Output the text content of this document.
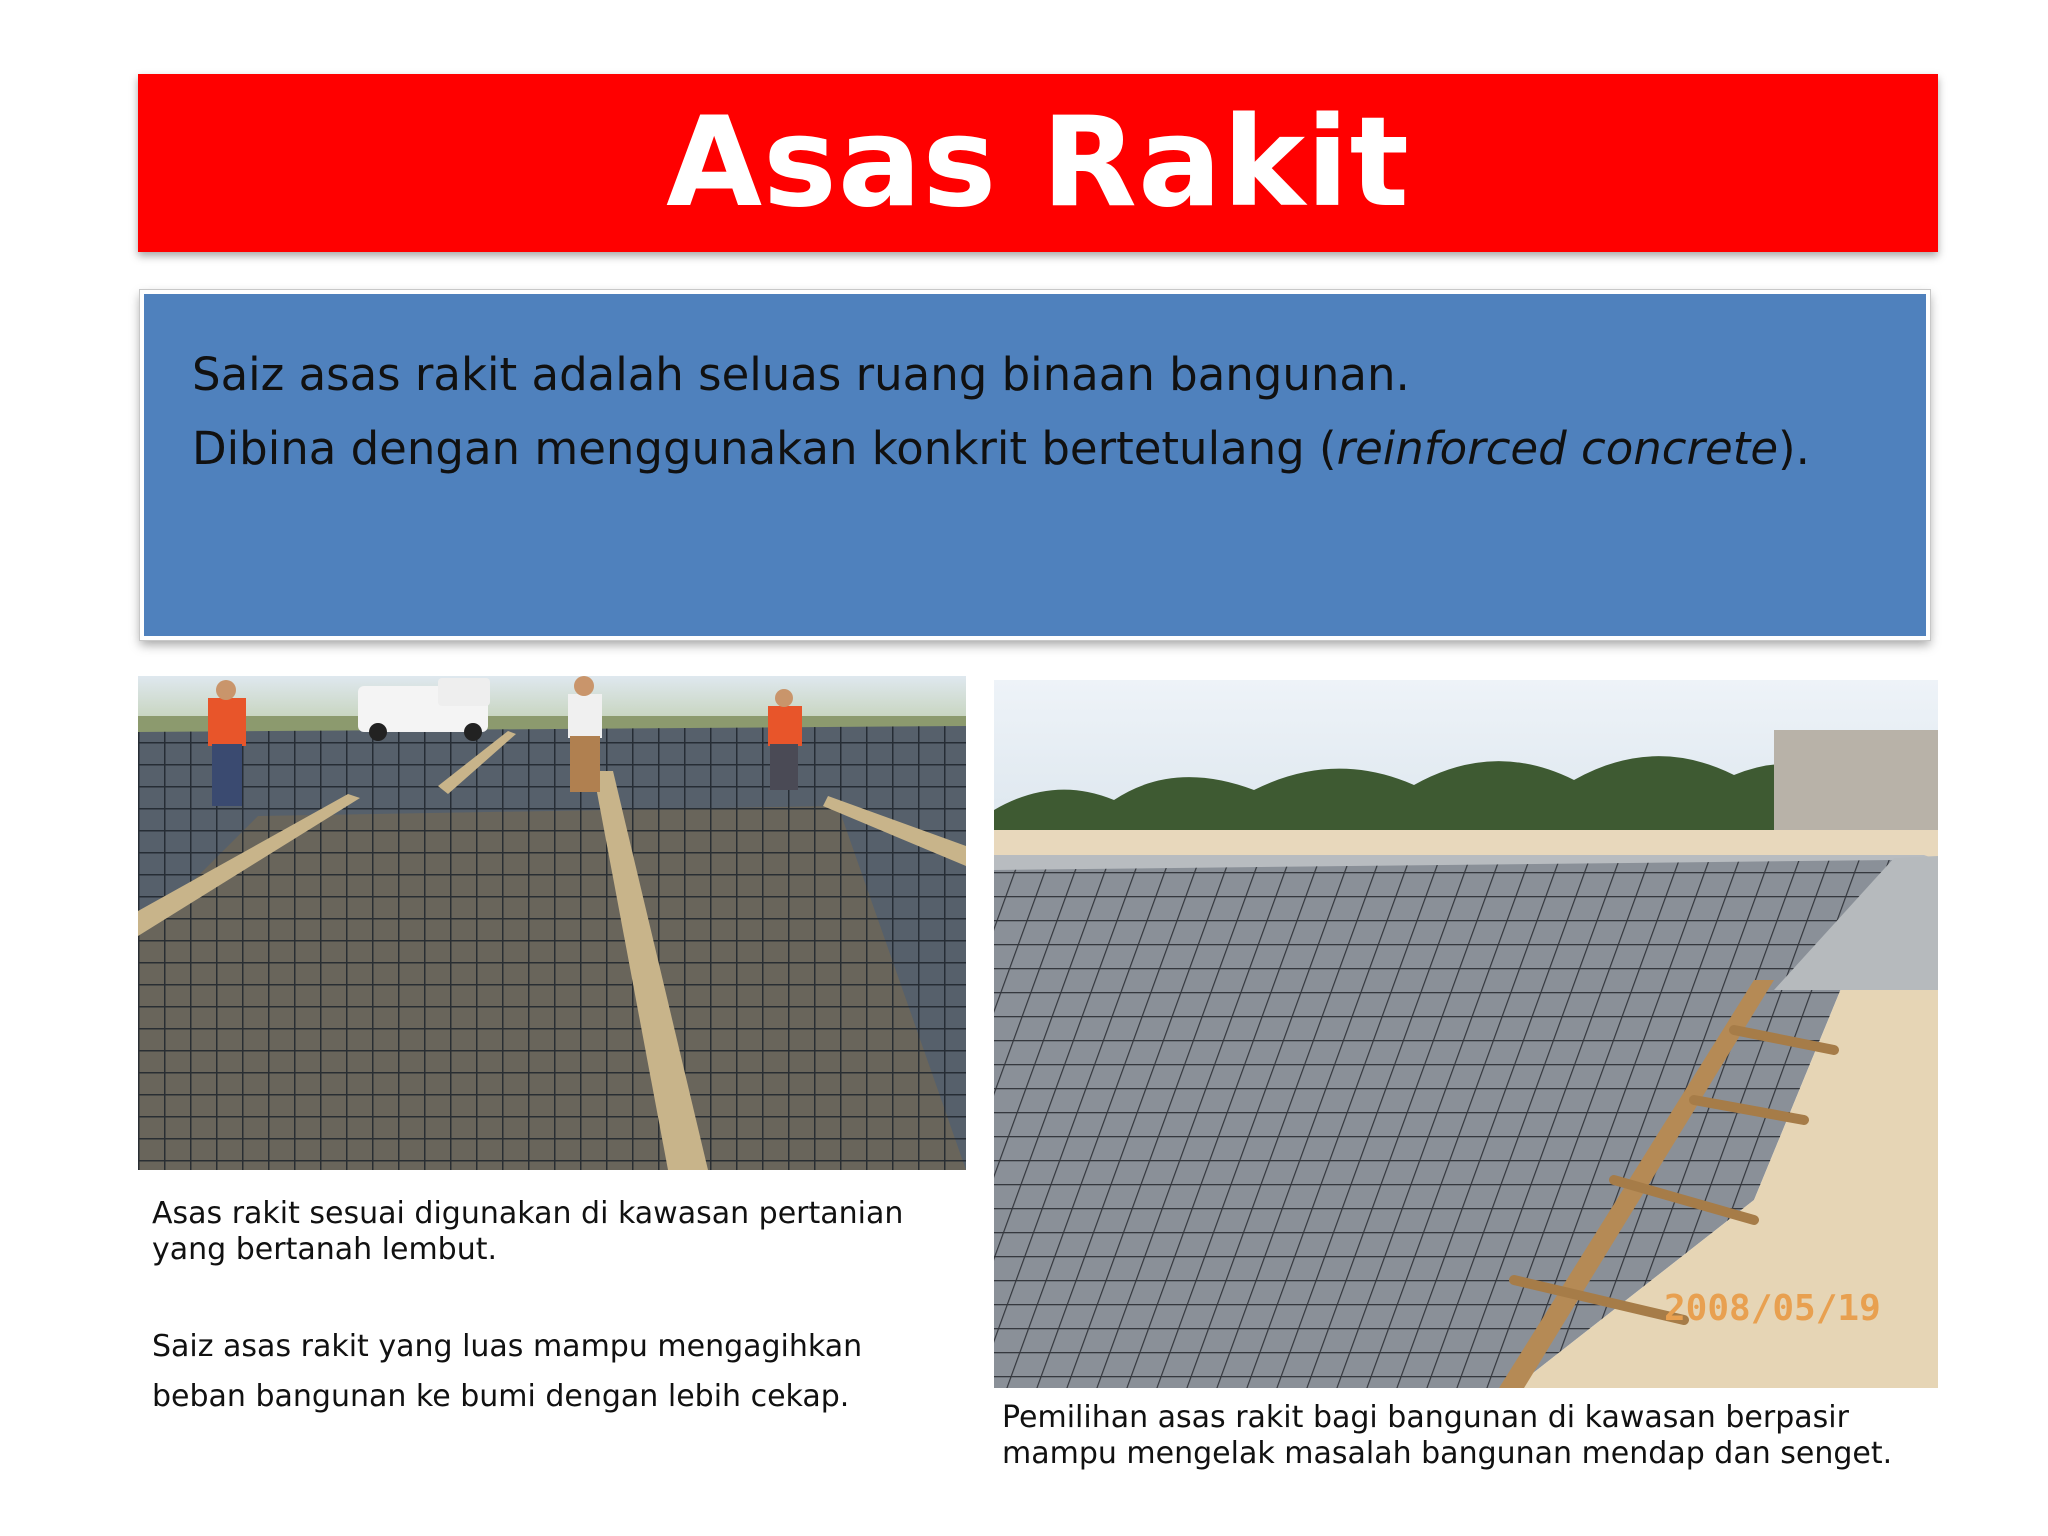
Asas Rakit

Saiz asas rakit adalah seluas ruang binaan bangunan.

Dibina dengan menggunakan konkrit bertetulang (reinforced concrete).

Asas rakit sesuai digunakan di kawasan pertanian
yang bertanah lembut.
Saiz asas rakit yang luas mampu mengagihkan
beban bangunan ke bumi dengan lebih cekap.
2008/05/19
Pemilihan asas rakit bagi bangunan di kawasan berpasir
mampu mengelak masalah bangunan mendap dan senget.
